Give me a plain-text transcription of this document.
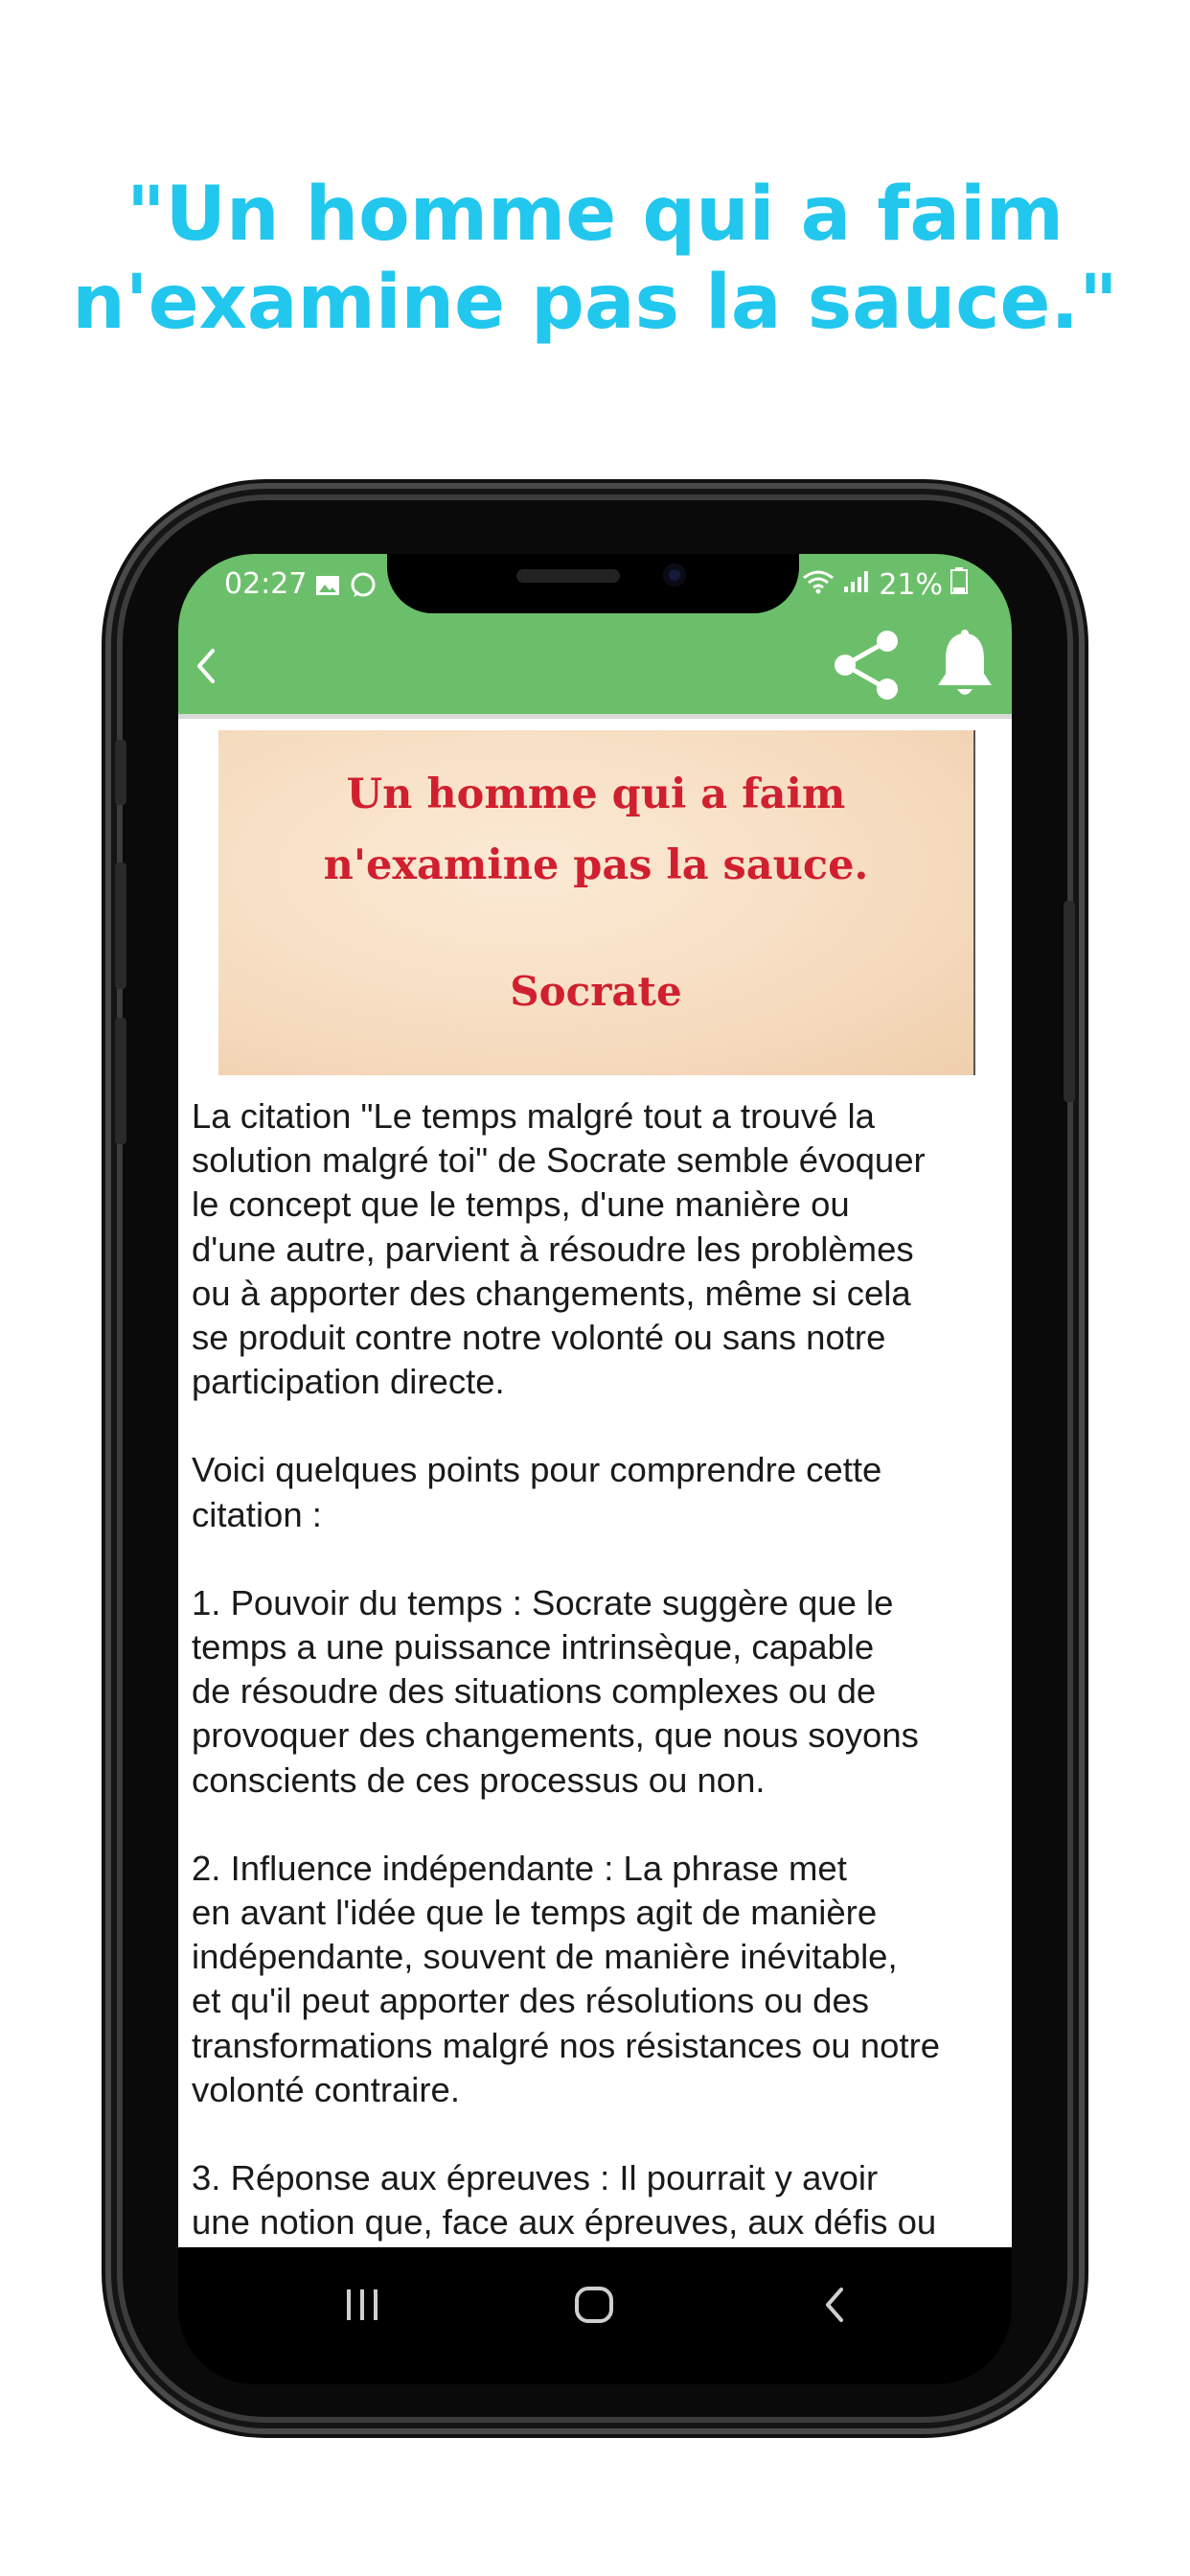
"Un homme qui a faim
n'examine pas la sauce."
02:27	21%
Un homme qui a faim
n'examine pas la sauce.
Socrate

La citation "Le temps malgré tout a trouvé la
solution malgré toi" de Socrate semble évoquer
le concept que le temps, d'une manière ou
d'une autre, parvient à résoudre les problèmes
ou à apporter des changements, même si cela
se produit contre notre volonté ou sans notre
participation directe.

Voici quelques points pour comprendre cette
citation :

1. Pouvoir du temps : Socrate suggère que le
temps a une puissance intrinsèque, capable
de résoudre des situations complexes ou de
provoquer des changements, que nous soyons
conscients de ces processus ou non.

2. Influence indépendante : La phrase met
en avant l'idée que le temps agit de manière
indépendante, souvent de manière inévitable,
et qu'il peut apporter des résolutions ou des
transformations malgré nos résistances ou notre
volonté contraire.

3. Réponse aux épreuves : Il pourrait y avoir
une notion que, face aux épreuves, aux défis ou
